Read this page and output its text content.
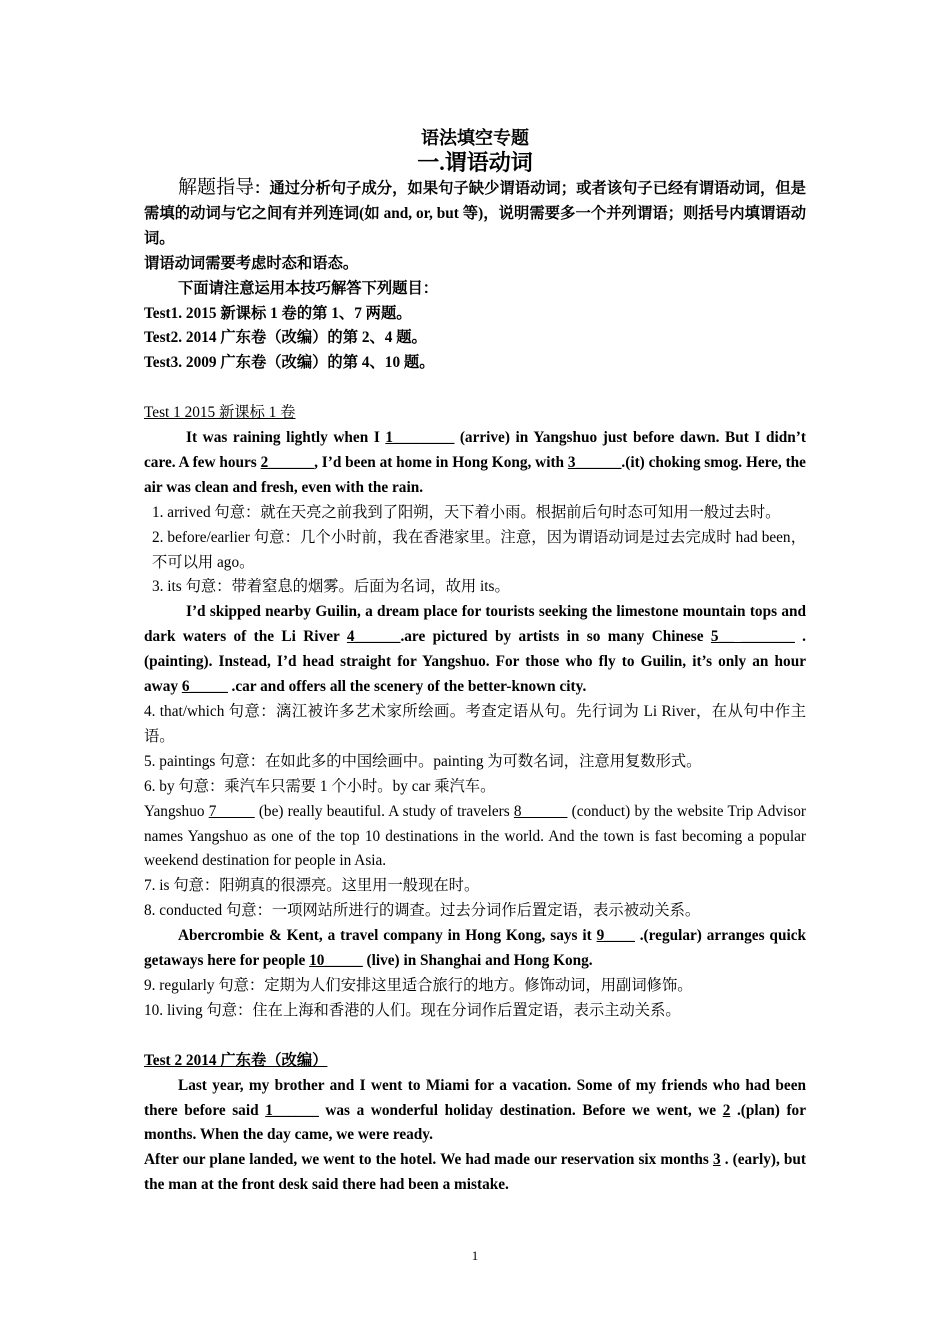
语法填空专题
一.谓语动词

解题指导：通过分析句子成分，如果句子缺少谓语动词；或者该句子已经有谓语动词，但是需填的动词与它之间有并列连词(如 and, or, but 等)，说明需要多一个并列谓语；则括号内填谓语动词。

谓语动词需要考虑时态和语态。

下面请注意运用本技巧解答下列题目：

Test1. 2015 新课标 1 卷的第 1、7 两题。

Test2. 2014 广东卷（改编）的第 2、4 题。

Test3. 2009 广东卷（改编）的第 4、10 题。

Test 1 2015 新课标 1 卷

It was raining lightly when I 1________ (arrive) in Yangshuo just before dawn. But I didn’t care. A few hours 2______, I’d been at home in Hong Kong, with 3______.(it) choking smog. Here, the air was clean and fresh, even with the rain.

1. arrived 句意：就在天亮之前我到了阳朔，天下着小雨。根据前后句时态可知用一般过去时。

2. before/earlier 句意：几个小时前，我在香港家里。注意，因为谓语动词是过去完成时 had been，不可以用 ago。

3. its 句意：带着窒息的烟雾。后面为名词，故用 its。

I’d skipped nearby Guilin, a dream place for tourists seeking the limestone mountain tops and dark waters of the Li River 4______.are pictured by artists in so many Chinese 5__ _______ .(painting). Instead, I’d head straight for Yangshuo. For those who fly to Guilin, it’s only an hour away 6_____ .car and offers all the scenery of the better-known city.

4. that/which 句意：漓江被许多艺术家所绘画。考查定语从句。先行词为 Li River，在从句中作主语。

5. paintings 句意：在如此多的中国绘画中。painting 为可数名词，注意用复数形式。

6. by 句意：乘汽车只需要 1 个小时。by car 乘汽车。

Yangshuo 7_____ (be) really beautiful. A study of travelers 8______ (conduct) by the website Trip Advisor names Yangshuo as one of the top 10 destinations in the world. And the town is fast becoming a popular weekend destination for people in Asia.

7. is 句意：阳朔真的很漂亮。这里用一般现在时。

8. conducted 句意：一项网站所进行的调查。过去分词作后置定语，表示被动关系。

Abercrombie & Kent, a travel company in Hong Kong, says it 9____ .(regular) arranges quick getaways here for people 10_____ (live) in Shanghai and Hong Kong.

9. regularly 句意：定期为人们安排这里适合旅行的地方。修饰动词，用副词修饰。

10. living 句意：住在上海和香港的人们。现在分词作后置定语，表示主动关系。

Test 2 2014 广东卷（改编）

Last year, my brother and I went to Miami for a vacation. Some of my friends who had been there before said 1______ was a wonderful holiday destination. Before we went, we 2 .(plan) for months. When the day came, we were ready.

After our plane landed, we went to the hotel. We had made our reservation six months 3 . (early), but the man at the front desk said there had been a mistake.

1
